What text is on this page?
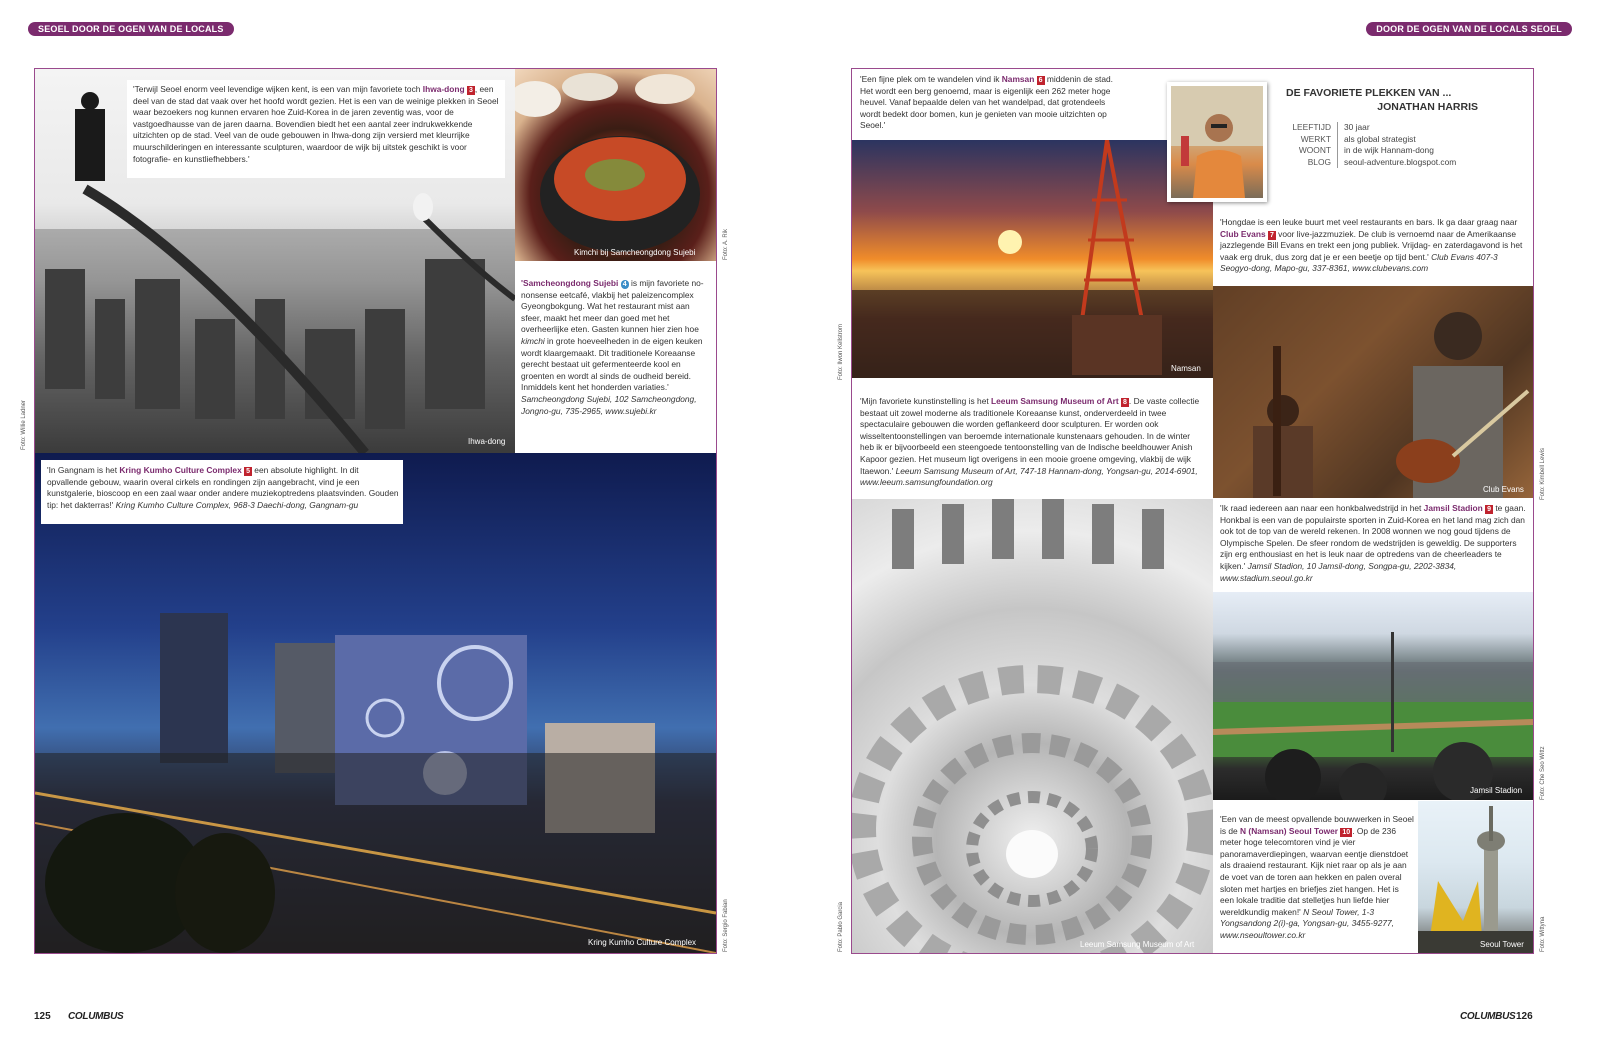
SEOEL DOOR DE OGEN VAN DE LOCALS	DOOR DE OGEN VAN DE LOCALS SEOEL
Ihwa-dong
Foto: Willie Ladner
'Terwijl Seoel enorm veel levendige wijken kent, is een van mijn favoriete toch Ihwa-dong 3 , een deel van de stad dat vaak over het hoofd wordt gezien. Het is een van de weinige plekken in Seoel waar bezoekers nog kunnen ervaren hoe Zuid-Korea in de jaren zeventig was, voor de vastgoedhausse van de jaren daarna. Bovendien biedt het een aantal zeer indrukwekkende uitzichten op de stad. Veel van de oude gebouwen in Ihwa-dong zijn versierd met kleurrijke muurschilderingen en interessante sculpturen, waardoor de wijk bij uitstek geschikt is voor fotografie- en kunstliefhebbers.'
Kimchi bij Samcheongdong Sujebi	Foto: A. Rik
'Samcheongdong Sujebi 4 is mijn favoriete no-nonsense eetcafé, vlakbij het paleizencomplex Gyeongbokgung. Wat het restaurant mist aan sfeer, maakt het meer dan goed met het overheerlijke eten. Gasten kunnen hier zien hoe kimchi in grote hoeveelheden in de eigen keuken wordt klaargemaakt. Dit traditionele Koreaanse gerecht bestaat uit gefermenteerde kool en groenten en wordt al sinds de oudheid bereid. Inmiddels kent het honderden variaties.' Samcheongdong Sujebi, 102 Samcheongdong, Jongno-gu, 735-2965, www.sujebi.kr
Kring Kumho Culture Complex	Foto: Sergio Fabian
'In Gangnam is het Kring Kumho Culture Complex 5 een absolute highlight. In dit opvallende gebouw, waarin overal cirkels en rondingen zijn aangebracht, vind je een kunstgalerie, bioscoop en een zaal waar onder andere muziekoptredens plaatsvinden. Gouden tip: het dakterras!' Kring Kumho Culture Complex, 968-3 Daechi-dong, Gangnam-gu
125 COLUMBUS
'Een fijne plek om te wandelen vind ik Namsan 6 middenin de stad. Het wordt een berg genoemd, maar is eigenlijk een 262 meter hoge heuvel. Vanaf bepaalde delen van het wandelpad, dat grotendeels wordt bedekt door bomen, kun je genieten van mooie uitzichten op Seoel.'
Namsan
Foto: Ilwon Kellstrom
DE FAVORIETE PLEKKEN VAN ...
JONATHAN HARRIS
LEEFTIJD	30 jaar
WERKT	als global strategist
WOONT	in de wijk Hannam-dong
BLOG	seoul-adventure.blogspot.com
'Hongdae is een leuke buurt met veel restaurants en bars. Ik ga daar graag naar Club Evans 7 voor live-jazzmuziek. De club is vernoemd naar de Amerikaanse jazzlegende Bill Evans en trekt een jong publiek. Vrijdag- en zaterdagavond is het vaak erg druk, dus zorg dat je er een beetje op tijd bent.' Club Evans 407-3 Seogyo-dong, Mapo-gu, 337-8361, www.clubevans.com
Club Evans	Foto: Kimbell Lewis
'Mijn favoriete kunstinstelling is het Leeum Samsung Museum of Art 8 . De vaste collectie bestaat uit zowel moderne als traditionele Koreaanse kunst, onderverdeeld in twee spectaculaire gebouwen die worden geflankeerd door sculpturen. Er worden ook wisseltentoonstellingen van beroemde internationale kunstenaars gehouden. In de winter heb ik er bijvoorbeeld een steengoede tentoonstelling van de Indische beeldhouwer Anish Kapoor gezien. Het museum ligt overigens in een mooie groene omgeving, vlakbij de wijk Itaewon.' Leeum Samsung Museum of Art, 747-18 Hannam-dong, Yongsan-gu, 2014-6901, www.leeum.samsungfoundation.org
Leeum Samsung Museum of Art
Foto: Pablo Garcia
'Ik raad iedereen aan naar een honkbalwedstrijd in het Jamsil Stadion 9 te gaan. Honkbal is een van de populairste sporten in Zuid-Korea en het land mag zich dan ook tot de top van de wereld rekenen. In 2008 wonnen we nog goud tijdens de Olympische Spelen. De sfeer rondom de wedstrijden is geweldig. De supporters zijn erg enthousiast en het is leuk naar de optredens van de cheerleaders te kijken.' Jamsil Stadion, 10 Jamsil-dong, Songpa-gu, 2202-3834, www.stadium.seoul.go.kr
Jamsil Stadion	Foto: Che Seo Wittz
'Een van de meest opvallende bouwwerken in Seoel is de N (Namsan) Seoul Tower 10 . Op de 236 meter hoge telecomtoren vind je vier panoramaverdiepingen, waarvan eentje dienstdoet als draaiend restaurant. Kijk niet raar op als je aan de voet van de toren aan hekken en palen overal sloten met hartjes en briefjes ziet hangen. Het is een lokale traditie dat stelletjes hun liefde hier wereldkundig maken!' N Seoul Tower, 1-3 Yongsandong 2(i)-ga, Yongsan-gu, 3455-9277, www.nseoultower.co.kr
Seoul Tower	Foto: Wittyna
COLUMBUS 126
